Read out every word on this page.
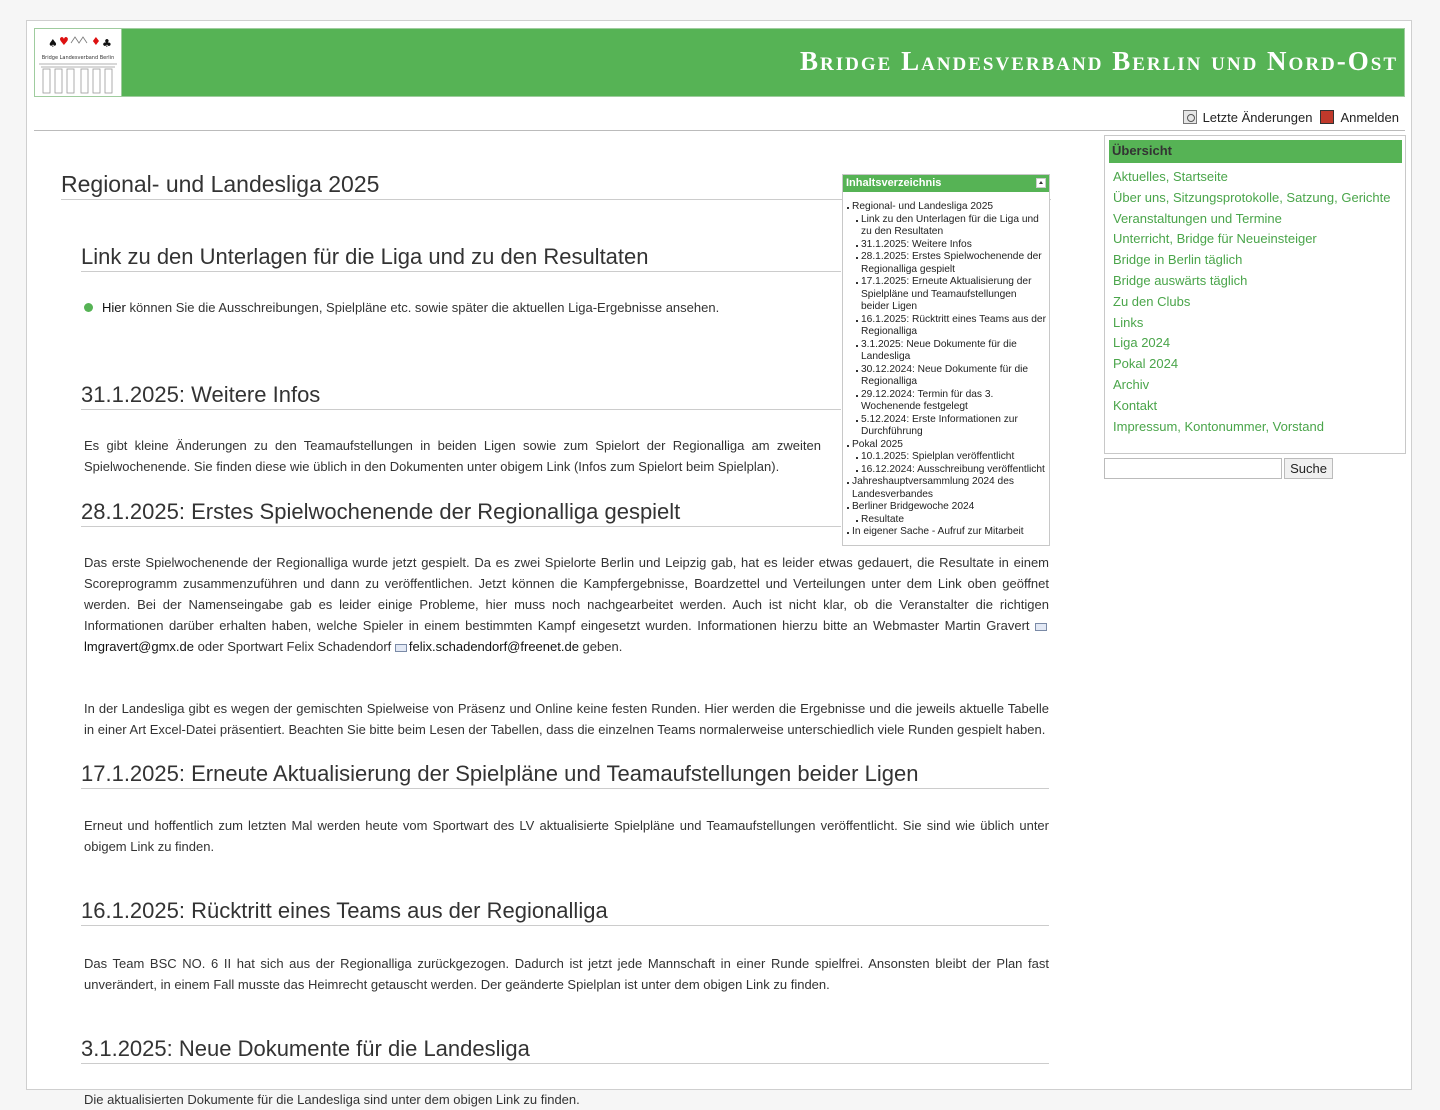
♠ ♥ ♦ ♣
Bridge Landesverband Berlin	Bridge Landesverband Berlin und Nord-Ost
Letzte Änderungen Anmelden
Regional- und Landesliga 2025
Link zu den Unterlagen für die Liga und zu den Resultaten
Hier können Sie die Ausschreibungen, Spielpläne etc. sowie später die aktuellen Liga-Ergebnisse ansehen.
31.1.2025: Weitere Infos

Es gibt kleine Änderungen zu den Teamaufstellungen in beiden Ligen sowie zum Spielort der Regionalliga am zweiten Spielwochenende. Sie finden diese wie üblich in den Dokumenten unter obigem Link (Infos zum Spielort beim Spielplan).

28.1.2025: Erstes Spielwochenende der Regionalliga gespielt

Das erste Spielwochenende der Regionalliga wurde jetzt gespielt. Da es zwei Spielorte Berlin und Leipzig gab, hat es leider etwas gedauert, die Resultate in einem Scoreprogramm zusammenzuführen und dann zu veröffentlichen. Jetzt können die Kampfergebnisse, Boardzettel und Verteilungen unter dem Link oben geöffnet werden. Bei der Namenseingabe gab es leider einige Probleme, hier muss noch nachgearbeitet werden. Auch ist nicht klar, ob die Veranstalter die richtigen Informationen darüber erhalten haben, welche Spieler in einem bestimmten Kampf eingesetzt wurden. Informationen hierzu bitte an Webmaster Martin Gravert lmgravert@gmx.de oder Sportwart Felix Schadendorf felix.schadendorf@freenet.de geben.

In der Landesliga gibt es wegen der gemischten Spielweise von Präsenz und Online keine festen Runden. Hier werden die Ergebnisse und die jeweils aktuelle Tabelle in einer Art Excel-Datei präsentiert. Beachten Sie bitte beim Lesen der Tabellen, dass die einzelnen Teams normalerweise unterschiedlich viele Runden gespielt haben.

17.1.2025: Erneute Aktualisierung der Spielpläne und Teamaufstellungen beider Ligen

Erneut und hoffentlich zum letzten Mal werden heute vom Sportwart des LV aktualisierte Spielpläne und Teamaufstellungen veröffentlicht. Sie sind wie üblich unter obigem Link zu finden.

16.1.2025: Rücktritt eines Teams aus der Regionalliga

Das Team BSC NO. 6 II hat sich aus der Regionalliga zurückgezogen. Dadurch ist jetzt jede Mannschaft in einer Runde spielfrei. Ansonsten bleibt der Plan fast unverändert, in einem Fall musste das Heimrecht getauscht werden. Der geänderte Spielplan ist unter dem obigen Link zu finden.

3.1.2025: Neue Dokumente für die Landesliga

Die aktualisierten Dokumente für die Landesliga sind unter dem obigen Link zu finden.

Inhaltsverzeichnis
Regional- und Landesliga 2025
Link zu den Unterlagen für die Liga und zu den Resultaten
31.1.2025: Weitere Infos
28.1.2025: Erstes Spielwochenende der Regionalliga gespielt
17.1.2025: Erneute Aktualisierung der Spielpläne und Teamaufstellungen beider Ligen
16.1.2025: Rücktritt eines Teams aus der Regionalliga
3.1.2025: Neue Dokumente für die Landesliga
30.12.2024: Neue Dokumente für die Regionalliga
29.12.2024: Termin für das 3. Wochenende festgelegt
5.12.2024: Erste Informationen zur Durchführung
Pokal 2025
10.1.2025: Spielplan veröffentlicht
16.12.2024: Ausschreibung veröffentlicht
Jahreshauptversammlung 2024 des Landesverbandes
Berliner Bridgewoche 2024
Resultate
In eigener Sache - Aufruf zur Mitarbeit
Übersicht
Aktuelles, Startseite
Über uns, Sitzungsprotokolle, Satzung, Gerichte
Veranstaltungen und Termine
Unterricht, Bridge für Neueinsteiger
Bridge in Berlin täglich
Bridge auswärts täglich
Zu den Clubs
Links
Liga 2024
Pokal 2024
Archiv
Kontakt
Impressum, Kontonummer, Vorstand
Suche
